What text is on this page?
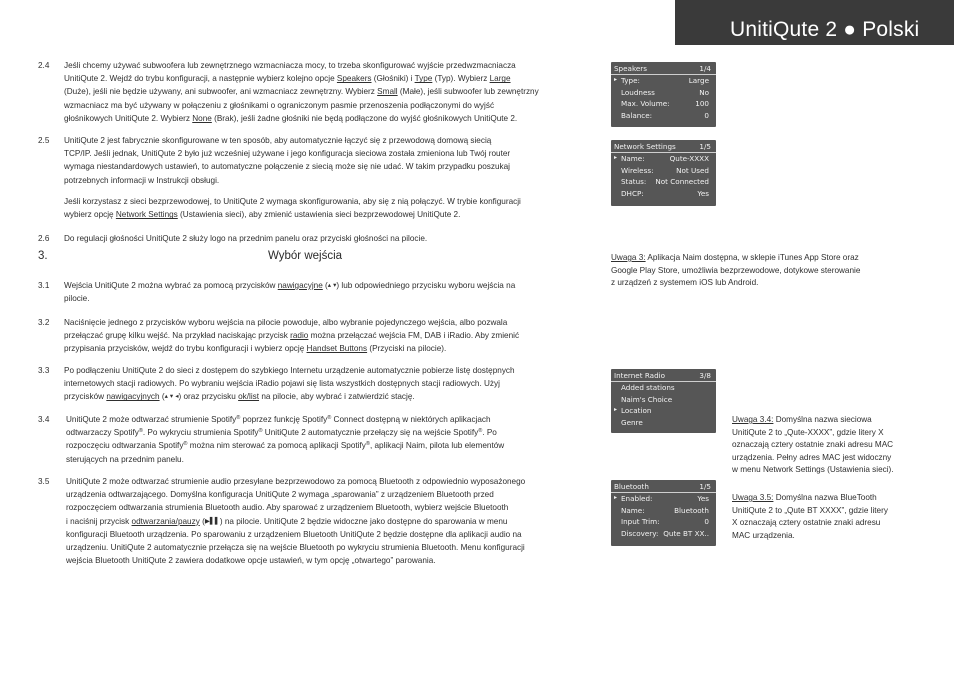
UnitiQute 2 ● Polski
2.4 Jeśli chcemy używać subwoofera lub zewnętrznego wzmacniacza mocy, to trzeba skonfigurować wyjście przedwzmacniacza
UnitiQute 2. Wejdź do trybu konfiguracji, a następnie wybierz kolejno opcje Speakers (Głośniki) i Type (Typ). Wybierz Large
(Duże), jeśli nie będzie używany, ani subwoofer, ani wzmacniacz zewnętrzny. Wybierz Small (Małe), jeśli subwoofer lub zewnętrzny
wzmacniacz ma być używany w połączeniu z głośnikami o ograniczonym pasmie przenoszenia podłączonymi do wyjść
głośnikowych UnitiQute 2. Wybierz None (Brak), jeśli żadne głośniki nie będą podłączone do wyjść głośnikowych UnitiQute 2.
2.5 UnitiQute 2 jest fabrycznie skonfigurowane w ten sposób, aby automatycznie łączyć się z przewodową domową siecią
TCP/IP. Jeśli jednak, UnitiQute 2 było już wcześniej używane i jego konfiguracja sieciowa została zmieniona lub Twój router
wymaga niestandardowych ustawień, to automatyczne połączenie z siecią może się nie udać. W takim przypadku poszukaj
potrzebnych informacji w Instrukcji obsługi.
Jeśli korzystasz z sieci bezprzewodowej, to UnitiQute 2 wymaga skonfigurowania, aby się z nią połączyć. W trybie konfiguracji
wybierz opcję Network Settings (Ustawienia sieci), aby zmienić ustawienia sieci bezprzewodowej UnitiQute 2.
2.6 Do regulacji głośności UnitiQute 2 służy logo na przednim panelu oraz przyciski głośności na pilocie.
3.	Wybór wejścia
3.1 Wejścia UnitiQute 2 można wybrać za pomocą przycisków nawigacyjne (▴ ▾) lub odpowiedniego przycisku wyboru wejścia na
pilocie.
3.2 Naciśnięcie jednego z przycisków wyboru wejścia na pilocie powoduje, albo wybranie pojedynczego wejścia, albo pozwala
przełączać grupę kilku wejść. Na przykład naciskając przycisk radio można przełączać wejścia FM, DAB i iRadio. Aby zmienić
przypisania przycisków, wejdź do trybu konfiguracji i wybierz opcję Handset Buttons (Przyciski na pilocie).
3.3 Po podłączeniu UnitiQute 2 do sieci z dostępem do szybkiego Internetu urządzenie automatycznie pobierze listę dostępnych
internetowych stacji radiowych. Po wybraniu wejścia iRadio pojawi się lista wszystkich dostępnych stacji radiowych. Użyj
przycisków nawigacyjnych (▴ ▾ ◂) oraz przycisku ok/list na pilocie, aby wybrać i zatwierdzić stację.
3.4 UnitiQute 2 może odtwarzać strumienie Spotify® poprzez funkcję Spotify® Connect dostępną w niektórych aplikacjach
odtwarzaczy Spotify®. Po wykryciu strumienia Spotify® UnitiQute 2 automatycznie przełączy się na wejście Spotify®. Po
rozpoczęciu odtwarzania Spotify® można nim sterować za pomocą aplikacji Spotify®, aplikacji Naim, pilota lub elementów
sterujących na przednim panelu.
3.5 UnitiQute 2 może odtwarzać strumienie audio przesyłane bezprzewodowo za pomocą Bluetooth z odpowiednio wyposażonego
urządzenia odtwarzającego. Domyślna konfiguracja UnitiQute 2 wymaga „sparowania” z urządzeniem Bluetooth przed
rozpoczęciem odtwarzania strumienia Bluetooth audio. Aby sparować z urządzeniem Bluetooth, wybierz wejście Bluetooth
i naciśnij przycisk odtwarzania/pauzy (▶▌▌) na pilocie. UnitiQute 2 będzie widoczne jako dostępne do sparowania w menu
konfiguracji Bluetooth urządzenia. Po sparowaniu z urządzeniem Bluetooth UnitiQute 2 będzie dostępne dla aplikacji audio na
urządzeniu. UnitiQute 2 automatycznie przełącza się na wejście Bluetooth po wykryciu strumienia Bluetooth. Menu konfiguracji
wejścia Bluetooth UnitiQute 2 zawiera dodatkowe opcje ustawień, w tym opcję „otwartego” parowania.
Speakers	1/4
▸ Type:	Large
Loudness	No
Max. Volume:	100
Balance:	0
Network Settings	1/5
▸ Name:	Qute-XXXX
Wireless:	Not Used
Status: Not Connected
DHCP:	Yes
Uwaga 3: Aplikacja Naim dostępna, w sklepie iTunes App Store oraz
Google Play Store, umożliwia bezprzewodowe, dotykowe sterowanie
z urządzeń z systemem iOS lub Android.
Internet Radio	3/8
Added stations
Naim's Choice
▸ Location
Genre
Bluetooth	1/5
▸ Enabled:	Yes
Name:	Bluetooth
Input Trim:	0
Discovery: Qute BT XX..
Uwaga 3.4: Domyślna nazwa sieciowa
UnitiQute 2 to „Qute-XXXX”, gdzie litery X
oznaczają cztery ostatnie znaki adresu MAC
urządzenia. Pełny adres MAC jest widoczny
w menu Network Settings (Ustawienia sieci).
Uwaga 3.5: Domyślna nazwa BlueTooth
UnitiQute 2 to „Qute BT XXXX”, gdzie litery
X oznaczają cztery ostatnie znaki adresu
MAC urządzenia.
